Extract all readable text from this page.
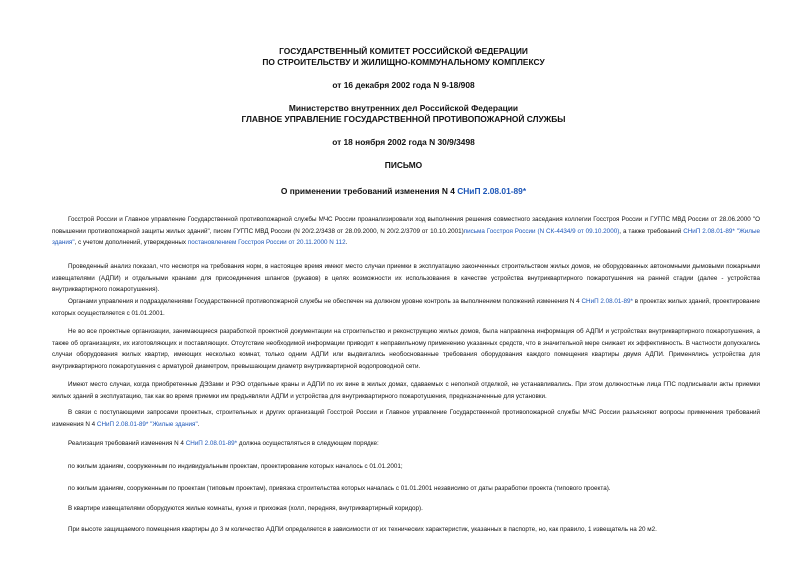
ГОСУДАРСТВЕННЫЙ КОМИТЕТ РОССИЙСКОЙ ФЕДЕРАЦИИ
ПО СТРОИТЕЛЬСТВУ И ЖИЛИЩНО-КОММУНАЛЬНОМУ КОМПЛЕКСУ
от 16 декабря 2002 года N 9-18/908
Министерство внутренних дел Российской Федерации
ГЛАВНОЕ УПРАВЛЕНИЕ ГОСУДАРСТВЕННОЙ ПРОТИВОПОЖАРНОЙ СЛУЖБЫ
от 18 ноября 2002 года N 30/9/3498
ПИСЬМО
О применении требований изменения N 4 СНиП 2.08.01-89*
Госстрой России и Главное управление Государственной противопожарной службы МЧС России проанализировали ход выполнения решения совместного заседания коллегии Госстроя России и ГУГПС МВД России от 28.06.2000 "О повышении противопожарной защиты жилых зданий", писем ГУГПС МВД России (N 20/2.2/3438 от 28.09.2000, N 20/2.2/3709 от 10.10.2001)письма Госстроя России (N СК-4434/9 от 09.10.2000), а также требований СНиП 2.08.01-89* "Жилые здания", с учетом дополнений, утвержденных постановлением Госстроя России от 20.11.2000 N 112.
Проведенный анализ показал, что несмотря на требования норм, в настоящее время имеют место случаи приемки в эксплуатацию законченных строительством жилых домов, не оборудованных автономными дымовыми пожарными извещателями (АДПИ) и отдельными кранами для присоединения шлангов (рукавов) в целях возможности их использования в качестве устройства внутриквартирного пожаротушения на ранней стадии (далее - устройства внутриквартирного пожаротушения).
Органами управления и подразделениями Государственной противопожарной службы не обеспечен на должном уровне контроль за выполнением положений изменения N 4 СНиП 2.08.01-89* в проектах жилых зданий, проектирование которых осуществляется с 01.01.2001.
Не во все проектные организации, занимающиеся разработкой проектной документации на строительство и реконструкцию жилых домов, была направлена информация об АДПИ и устройствах внутриквартирного пожаротушения, а также об организациях, их изготовляющих и поставляющих. Отсутствие необходимой информации приводит к неправильному применению указанных средств, что в значительной мере снижает их эффективность. В частности допускались случаи оборудования жилых квартир, имеющих несколько комнат, только одним АДПИ или выдвигались необоснованные требования оборудования каждого помещения квартиры двумя АДПИ. Применялись устройства для внутриквартирного пожаротушения с арматурой диаметром, превышающим диаметр внутриквартирной водопроводной сети.
Имеют место случаи, когда приобретенные ДЭЗами и РЭО отдельные краны и АДПИ по их вине в жилых домах, сдаваемых с неполной отделкой, не устанавливались. При этом должностные лица ГПС подписывали акты приемки жилых зданий в эксплуатацию, так как во время приемки им предъявляли АДПИ и устройства для внутриквартирного пожаротушения, предназначенные для установки.
В связи с поступающими запросами проектных, строительных и других организаций Госстрой России и Главное управление Государственной противопожарной службы МЧС России разъясняют вопросы применения требований изменения N 4 СНиП 2.08.01-89* "Жилые здания".
Реализация требований изменения N 4 СНиП 2.08.01-89* должна осуществляться в следующем порядке:
по жилым зданиям, сооруженным по индивидуальным проектам, проектирование которых началось с 01.01.2001;
по жилым зданиям, сооруженным по проектам (типовым проектам), привязка строительства которых началась с 01.01.2001 независимо от даты разработки проекта (типового проекта).
В квартире извещателями оборудуются жилые комнаты, кухня и прихожая (холл, передняя, внутриквартирный коридор).
При высоте защищаемого помещения квартиры до 3 м количество АДПИ определяется в зависимости от их технических характеристик, указанных в паспорте, но, как правило, 1 извещатель на 20 м2.
